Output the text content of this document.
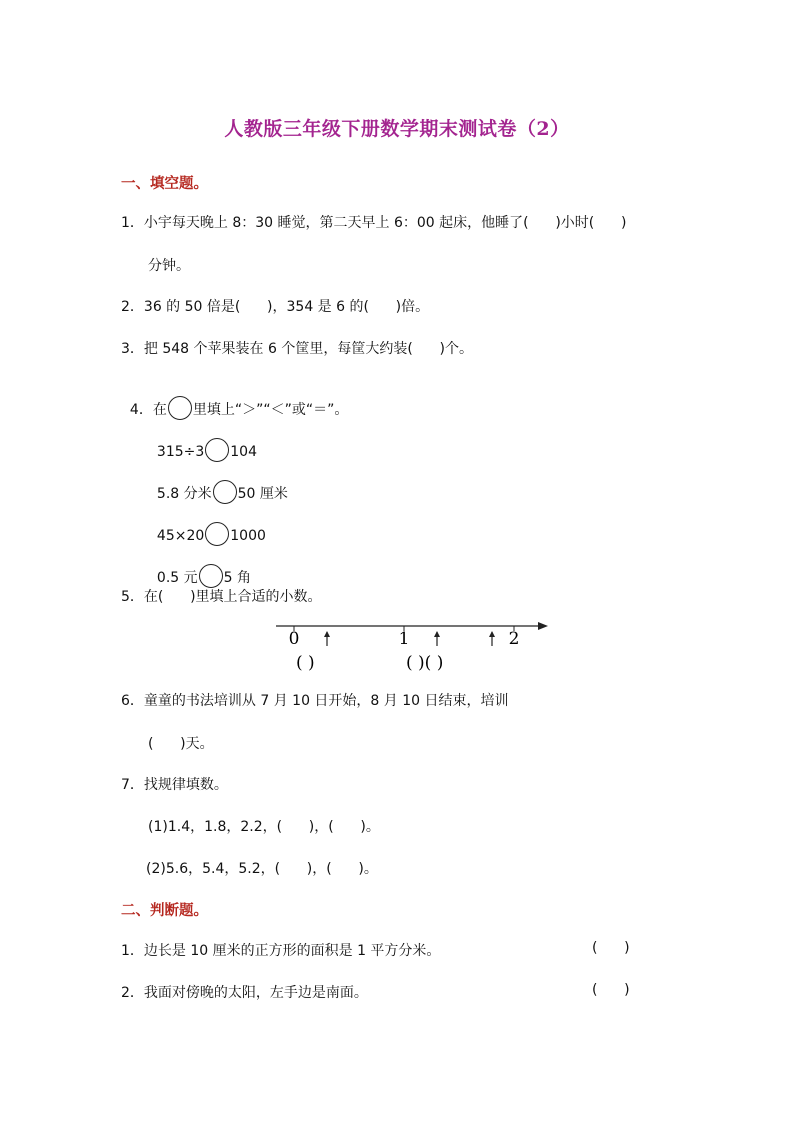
人教版三年级下册数学期末测试卷（2）
一、填空题。
1．小宇每天晚上 8：30 睡觉，第二天早上 6：00 起床，他睡了(      )小时(      )
分钟。
2．36 的 50 倍是(      )，354 是 6 的(      )倍。
3．把 548 个苹果装在 6 个筐里，每筐大约装(      )个。

4．在 里填上“＞”“＜”或“＝”。

315÷3 104

5.8 分米 50 厘米

45×20 1000

0.5 元 5 角

5．在(      )里填上合适的小数。
0	1	2
( )	( )( )
6．童童的书法培训从 7 月 10 日开始，8 月 10 日结束，培训
(      )天。
7．找规律填数。
(1)1.4，1.8，2.2，(      )，(      )。
(2)5.6，5.4，5.2，(      )，(      )。
二、判断题。
1．边长是 10 厘米的正方形的面积是 1 平方分米。	(      )
2．我面对傍晚的太阳，左手边是南面。	(      )
